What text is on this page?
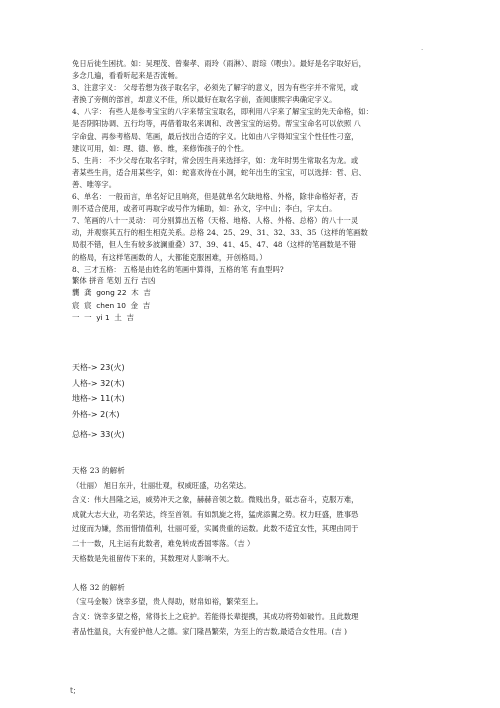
.
免日后徒生困扰。如：吴理茂、曾秦孝、雨玲（雨淋）、尉琮（喂虫）。最好是名字取好后，
多念几遍，看看听起来是否流畅。
3、注意字义： 父母若想为孩子取名字，必须先了解字的意义，因为有些字并不常见，或
者换了旁侧的部首，却意义不佳，所以最好在取名字前，查阅康熙字典确定字义。
4、八字： 有些人是参考宝宝的八字来帮宝宝取名，即利用八字来了解宝宝的先天命格，如：
是否阴阳协调、五行均等，再借着取名来调和、改善宝宝的运势。帮宝宝命名可以依照 八
字命盘、再参考格局、笔画，最后找出合适的字义。比如由八字得知宝宝个性任性刁蛮，
建议可用，如：理、德、修、维，来修饰孩子的个性。
5、生肖： 不少父母在取名字时，常会因生肖来选择字，如：龙年时男生常取名为龙。或
者某些生肖，适合用某些字，如：蛇喜欢待在小洞，蛇年出生的宝宝，可以选择：哲、启、
善、唯等字。
6、单名： 一般而言，单名好记且响亮，但是就单名欠缺地格、外格，除非命格好者，否
则不适合使用，或者可再取字或号作为辅助，如：孙文，字中山；李白，字太白。
7、笔画的八十一灵动： 可分别算出五格（天格、地格、人格、外格、总格）的八十一灵
动，并观察其五行的相生相克关系。总格 24、25、29、31、32、33、35（这样的笔画数
局很不错，但人生有较多波澜重叠）37、39、41、45、47、48（这样的笔画数是不错
的格局，有这样笔画数的人，大都能克服困难，开创格局。）
8、三才五格： 五格是由姓名的笔画中算得，五格的笔 有血型吗?
繁体 拼音 笔划 五行 吉凶
龔 龚 gong 22 木 吉
宸 宸 chen 10 金 吉
一 一 yi 1 土 吉
天格-> 23(火)
人格-> 32(木)
地格-> 11(木)
外格-> 2(木)
总格-> 33(火)
天格 23 的解析
（壮丽） 旭日东升，壮丽壮观，权威旺盛，功名荣达。
含义：伟大昌隆之运，威势冲天之象，赫赫音领之数。微贱出身，砥志奋斗，克服万难，
成就大志大业，功名荣达，终至首领。有如凯旋之将，猛虎添翼之势。权力旺盛，胜事恐
过度而为嫌，然而惜情值利，壮丽可爱，实属贵重的运数。此数不适宜女性，其理由同于
二十一数，凡主运有此数者，难免转成香国零落。（吉 ）
天格数是先祖留传下来的，其数理对人影响不大。
人格 32 的解析
（宝马金鞍）饶幸多望，贵人得助，财帛如裕，繁荣至上。
含义：饶幸多望之格，常得长上之庇护。若能得长辈提携，其成功将势如破竹。且此数理
者品性温良，大有爱护他人之德。家门隆昌繁荣，为至上的吉数,最适合女性用。(吉 )
t;
